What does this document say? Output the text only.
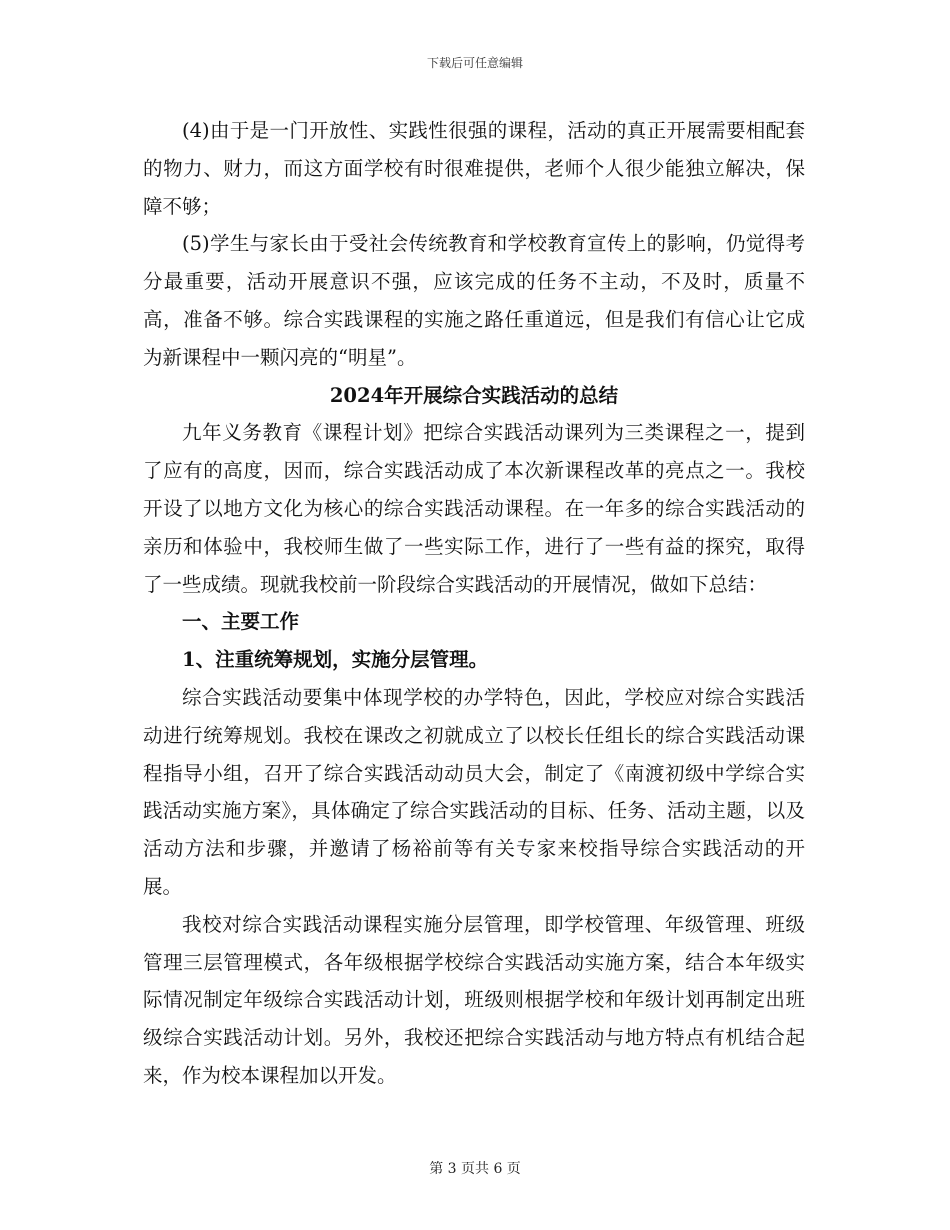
下载后可任意编辑

(4)由于是一门开放性、实践性很强的课程，活动的真正开展需要相配套的物力、财力，而这方面学校有时很难提供，老师个人很少能独立解决，保障不够；

(5)学生与家长由于受社会传统教育和学校教育宣传上的影响，仍觉得考分最重要，活动开展意识不强，应该完成的任务不主动，不及时，质量不高，准备不够。综合实践课程的实施之路任重道远，但是我们有信心让它成为新课程中一颗闪亮的“明星”。

2024年开展综合实践活动的总结

九年义务教育《课程计划》把综合实践活动课列为三类课程之一，提到了应有的高度，因而，综合实践活动成了本次新课程改革的亮点之一。我校开设了以地方文化为核心的综合实践活动课程。在一年多的综合实践活动的亲历和体验中，我校师生做了一些实际工作，进行了一些有益的探究，取得了一些成绩。现就我校前一阶段综合实践活动的开展情况，做如下总结：

一、主要工作

1、注重统筹规划，实施分层管理。

综合实践活动要集中体现学校的办学特色，因此，学校应对综合实践活动进行统筹规划。我校在课改之初就成立了以校长任组长的综合实践活动课程指导小组，召开了综合实践活动动员大会，制定了《南渡初级中学综合实践活动实施方案》，具体确定了综合实践活动的目标、任务、活动主题，以及活动方法和步骤，并邀请了杨裕前等有关专家来校指导综合实践活动的开展。

我校对综合实践活动课程实施分层管理，即学校管理、年级管理、班级管理三层管理模式，各年级根据学校综合实践活动实施方案，结合本年级实际情况制定年级综合实践活动计划，班级则根据学校和年级计划再制定出班级综合实践活动计划。另外，我校还把综合实践活动与地方特点有机结合起来，作为校本课程加以开发。

第 3 页共 6 页
